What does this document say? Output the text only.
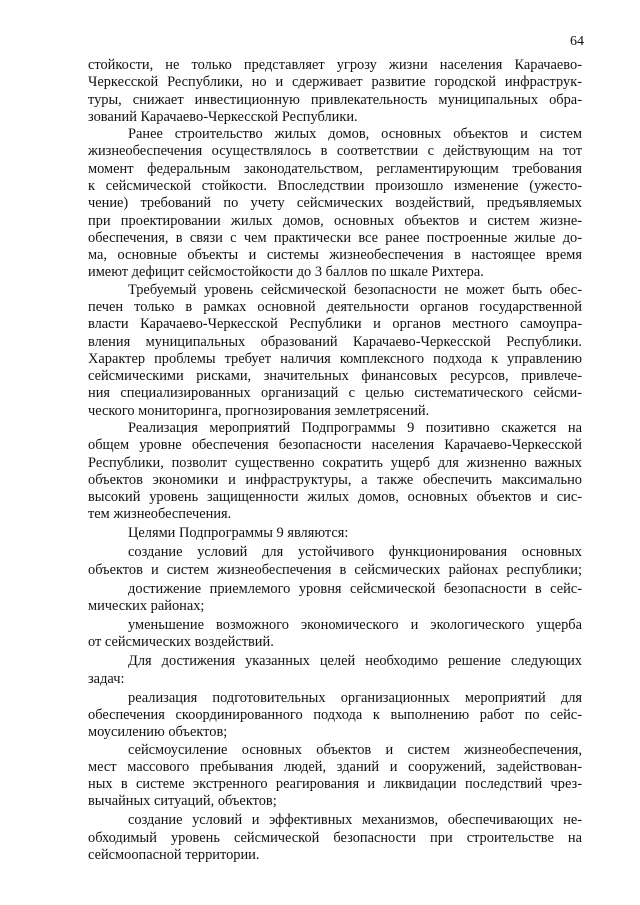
64
стойкости, не только представляет угрозу жизни населения Карачаево-
Черкесской Республики, но и сдерживает развитие городской инфраструк-
туры, снижает инвестиционную привлекательность муниципальных обра-
зований Карачаево-Черкесской Республики.
Ранее строительство жилых домов, основных объектов и систем
жизнеобеспечения осуществлялось в соответствии с действующим на тот
момент федеральным законодательством, регламентирующим требования
к сейсмической стойкости. Впоследствии произошло изменение (ужесто-
чение) требований по учету сейсмических воздействий, предъявляемых
при проектировании жилых домов, основных объектов и систем жизне-
обеспечения, в связи с чем практически все ранее построенные жилые до-
ма, основные объекты и системы жизнеобеспечения в настоящее время
имеют дефицит сейсмостойкости до 3 баллов по шкале Рихтера.
Требуемый уровень сейсмической безопасности не может быть обес-
печен только в рамках основной деятельности органов государственной
власти Карачаево-Черкесской Республики и органов местного самоупра-
вления муниципальных образований Карачаево-Черкесской Республики.
Характер проблемы требует наличия комплексного подхода к управлению
сейсмическими рисками, значительных финансовых ресурсов, привлече-
ния специализированных организаций с целью систематического сейсми-
ческого мониторинга, прогнозирования землетрясений.
Реализация мероприятий Подпрограммы 9 позитивно скажется на
общем уровне обеспечения безопасности населения Карачаево-Черкесской
Республики, позволит существенно сократить ущерб для жизненно важных
объектов экономики и инфраструктуры, а также обеспечить максимально
высокий уровень защищенности жилых домов, основных объектов и сис-
тем жизнеобеспечения.
Целями Подпрограммы 9 являются:
создание условий для устойчивого функционирования основных
объектов и систем жизнеобеспечения в сейсмических районах республики;
достижение приемлемого уровня сейсмической безопасности в сейс-
мических районах;
уменьшение возможного экономического и экологического ущерба
от сейсмических воздействий.
Для достижения указанных целей необходимо решение следующих
задач:
реализация подготовительных организационных мероприятий для
обеспечения скоординированного подхода к выполнению работ по сейс-
моусилению объектов;
сейсмоусиление основных объектов и систем жизнеобеспечения,
мест массового пребывания людей, зданий и сооружений, задействован-
ных в системе экстренного реагирования и ликвидации последствий чрез-
вычайных ситуаций, объектов;
создание условий и эффективных механизмов, обеспечивающих не-
обходимый уровень сейсмической безопасности при строительстве на
сейсмоопасной территории.
